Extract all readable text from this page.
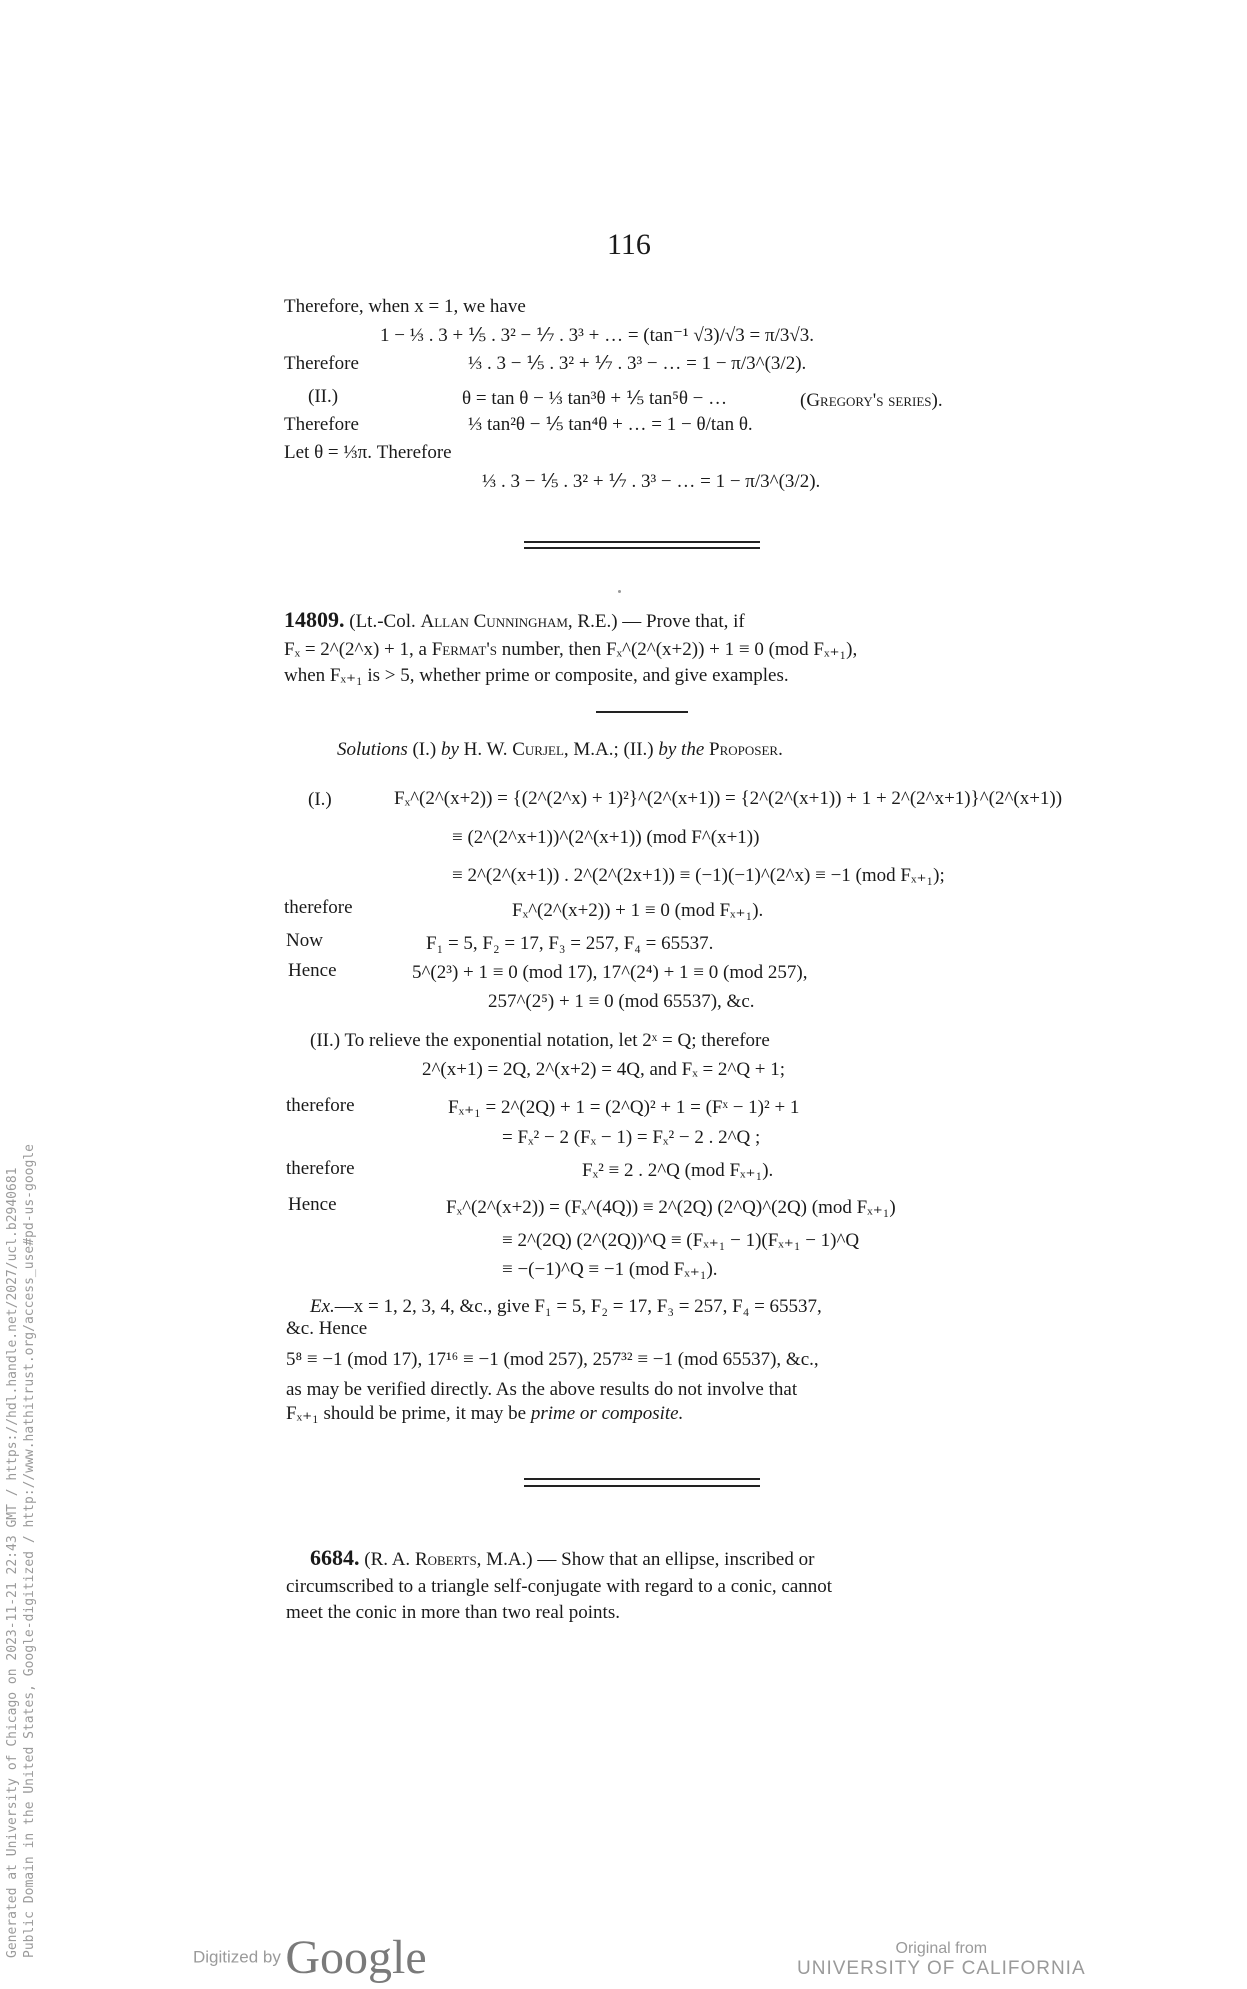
116
Therefore, when x = 1, we have
1 − ⅓ . 3 + ⅕ . 3² − ⅐ . 3³ + … = (tan⁻¹ √3)/√3 = π/3√3.
Therefore	⅓ . 3 − ⅕ . 3² + ⅐ . 3³ − … = 1 − π/3^(3/2).
(II.)	θ = tan θ − ⅓ tan³θ + ⅕ tan⁵θ − …	(Gregory's series).
Therefore	⅓ tan²θ − ⅕ tan⁴θ + … = 1 − θ/tan θ.
Let θ = ⅓π. Therefore
⅓ . 3 − ⅕ . 3² + ⅐ . 3³ − … = 1 − π/3^(3/2).
14809. (Lt.-Col. Allan Cunningham, R.E.) — Prove that, if
Fₓ = 2^(2^x) + 1, a Fermat's number, then Fₓ^(2^(x+2)) + 1 ≡ 0 (mod Fₓ₊₁),
when Fₓ₊₁ is > 5, whether prime or composite, and give examples.
Solutions (I.) by H. W. Curjel, M.A.; (II.) by the Proposer.
(I.)	Fₓ^(2^(x+2)) = {(2^(2^x) + 1)²}^(2^(x+1)) = {2^(2^(x+1)) + 1 + 2^(2^x+1)}^(2^(x+1))
≡ (2^(2^x+1))^(2^(x+1)) (mod F^(x+1))
≡ 2^(2^(x+1)) . 2^(2^(2x+1)) ≡ (−1)(−1)^(2^x) ≡ −1 (mod Fₓ₊₁);
therefore	Fₓ^(2^(x+2)) + 1 ≡ 0 (mod Fₓ₊₁).
Now	F₁ = 5, F₂ = 17, F₃ = 257, F₄ = 65537.
Hence	5^(2³) + 1 ≡ 0 (mod 17), 17^(2⁴) + 1 ≡ 0 (mod 257),
257^(2⁵) + 1 ≡ 0 (mod 65537), &c.
(II.) To relieve the exponential notation, let 2ˣ = Q; therefore
2^(x+1) = 2Q, 2^(x+2) = 4Q, and Fₓ = 2^Q + 1;
therefore	Fₓ₊₁ = 2^(2Q) + 1 = (2^Q)² + 1 = (Fˣ − 1)² + 1
= Fₓ² − 2 (Fₓ − 1) = Fₓ² − 2 . 2^Q ;
therefore	Fₓ² ≡ 2 . 2^Q (mod Fₓ₊₁).
Hence	Fₓ^(2^(x+2)) = (Fₓ^(4Q)) ≡ 2^(2Q) (2^Q)^(2Q) (mod Fₓ₊₁)
≡ 2^(2Q) (2^(2Q))^Q ≡ (Fₓ₊₁ − 1)(Fₓ₊₁ − 1)^Q
≡ −(−1)^Q ≡ −1 (mod Fₓ₊₁).
Ex.—x = 1, 2, 3, 4, &c., give F₁ = 5, F₂ = 17, F₃ = 257, F₄ = 65537,
&c. Hence
5⁸ ≡ −1 (mod 17), 17¹⁶ ≡ −1 (mod 257), 257³² ≡ −1 (mod 65537), &c.,
as may be verified directly. As the above results do not involve that
Fₓ₊₁ should be prime, it may be prime or composite.
6684. (R. A. Roberts, M.A.) — Show that an ellipse, inscribed or
circumscribed to a triangle self-conjugate with regard to a conic, cannot
meet the conic in more than two real points.
Generated at University of Chicago on 2023-11-21 22:43 GMT / https://hdl.handle.net/2027/ucl.b2940681 Public Domain in the United States, Google-digitized / http://www.hathitrust.org/access_use#pd-us-google	Digitized by Google	Original from
UNIVERSITY OF CALIFORNIA
